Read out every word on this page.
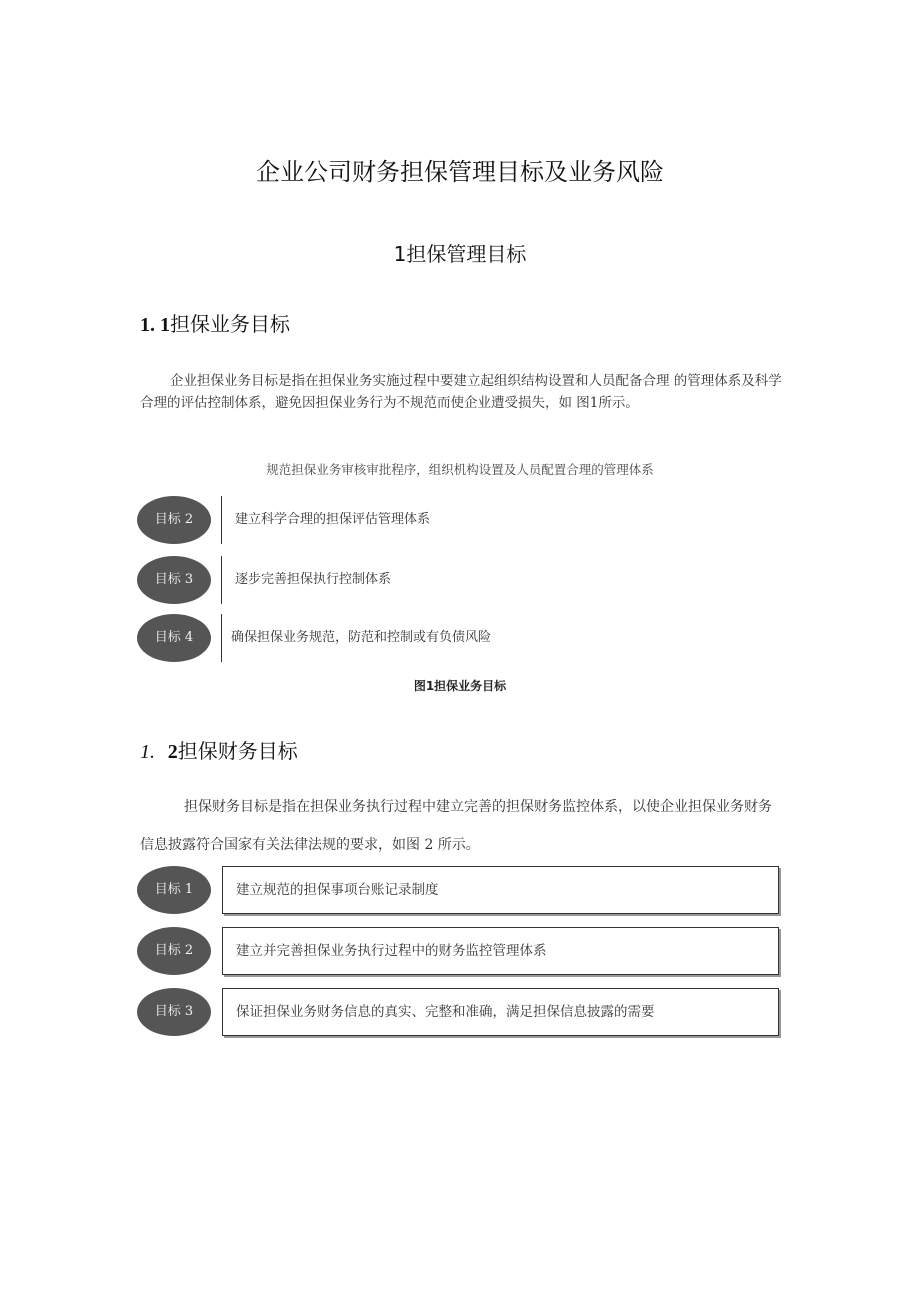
企业公司财务担保管理目标及业务风险
1担保管理目标
1. 1担保业务目标
企业担保业务目标是指在担保业务实施过程中要建立起组织结构设置和人员配备合理 的管理体系及科学合理的评估控制体系，避免因担保业务行为不规范而使企业遭受损失，如 图1所示。
规范担保业务审核审批程序，组织机构设置及人员配置合理的管理体系
目标 2	建立科学合理的担保评估管理体系
目标 3	逐步完善担保执行控制体系
目标 4	确保担保业务规范，防范和控制或有负债风险
图1担保业务目标
1. 2担保财务目标
担保财务目标是指在担保业务执行过程中建立完善的担保财务监控体系，以使企业担保业务财务信息披露符合国家有关法律法规的要求，如图 2 所示。
建立规范的担保事项台账记录制度
目标 1
建立并完善担保业务执行过程中的财务监控管理体系
目标 2
保证担保业务财务信息的真实、完整和准确，满足担保信息披露的需要
目标 3
